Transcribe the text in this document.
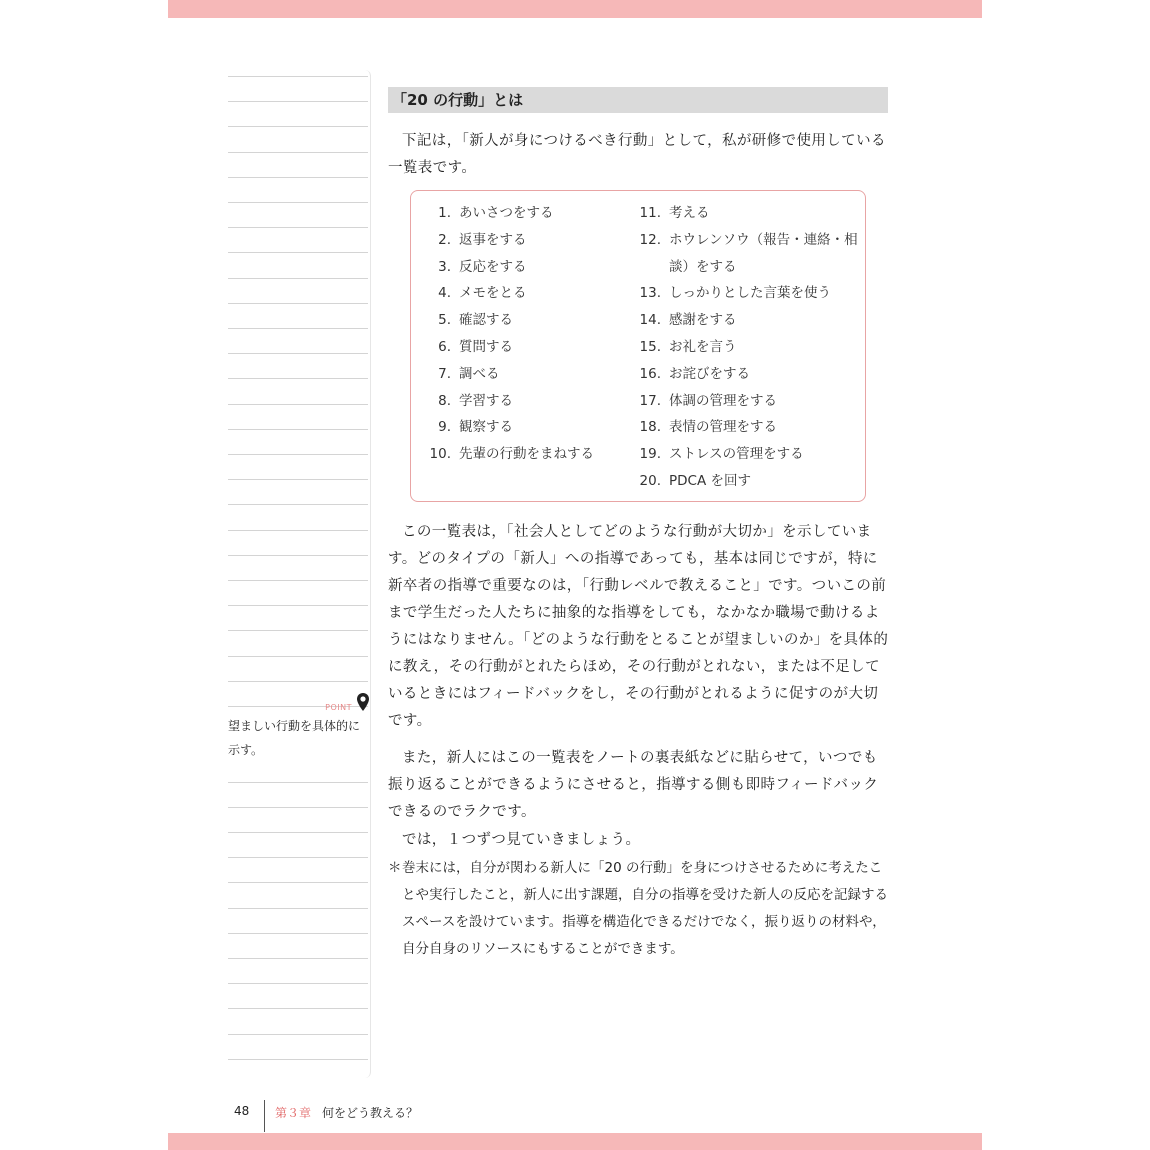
POINT
望ましい行動を具体的に示す。
「20 の行動」とは

下記は，「新人が身につけるべき行動」として，私が研修で使用している一覧表です。

1. あいさつをする
2. 返事をする
3. 反応をする
4. メモをとる
5. 確認する
6. 質問する
7. 調べる
8. 学習する
9. 観察する
10. 先輩の行動をまねする
11. 考える
12. ホウレンソウ（報告・連絡・相談）をする
13. しっかりとした言葉を使う
14. 感謝をする
15. お礼を言う
16. お詫びをする
17. 体調の管理をする
18. 表情の管理をする
19. ストレスの管理をする
20. PDCA を回す

この一覧表は，「社会人としてどのような行動が大切か」を示しています。どのタイプの「新人」への指導であっても，基本は同じですが，特に新卒者の指導で重要なのは，「行動レベルで教えること」です。ついこの前まで学生だった人たちに抽象的な指導をしても，なかなか職場で動けるようにはなりません。「どのような行動をとることが望ましいのか」を具体的に教え，その行動がとれたらほめ，その行動がとれない，または不足しているときにはフィードバックをし，その行動がとれるように促すのが大切です。

また，新人にはこの一覧表をノートの裏表紙などに貼らせて，いつでも振り返ることができるようにさせると，指導する側も即時フィードバックできるのでラクです。

では，１つずつ見ていきましょう。

＊ 巻末には，自分が関わる新人に「20 の行動」を身につけさせるために考えたことや実行したこと，新人に出す課題，自分の指導を受けた新人の反応を記録するスペースを設けています。指導を構造化できるだけでなく，振り返りの材料や，自分自身のリソースにもすることができます。
48 第３章 何をどう教える？
